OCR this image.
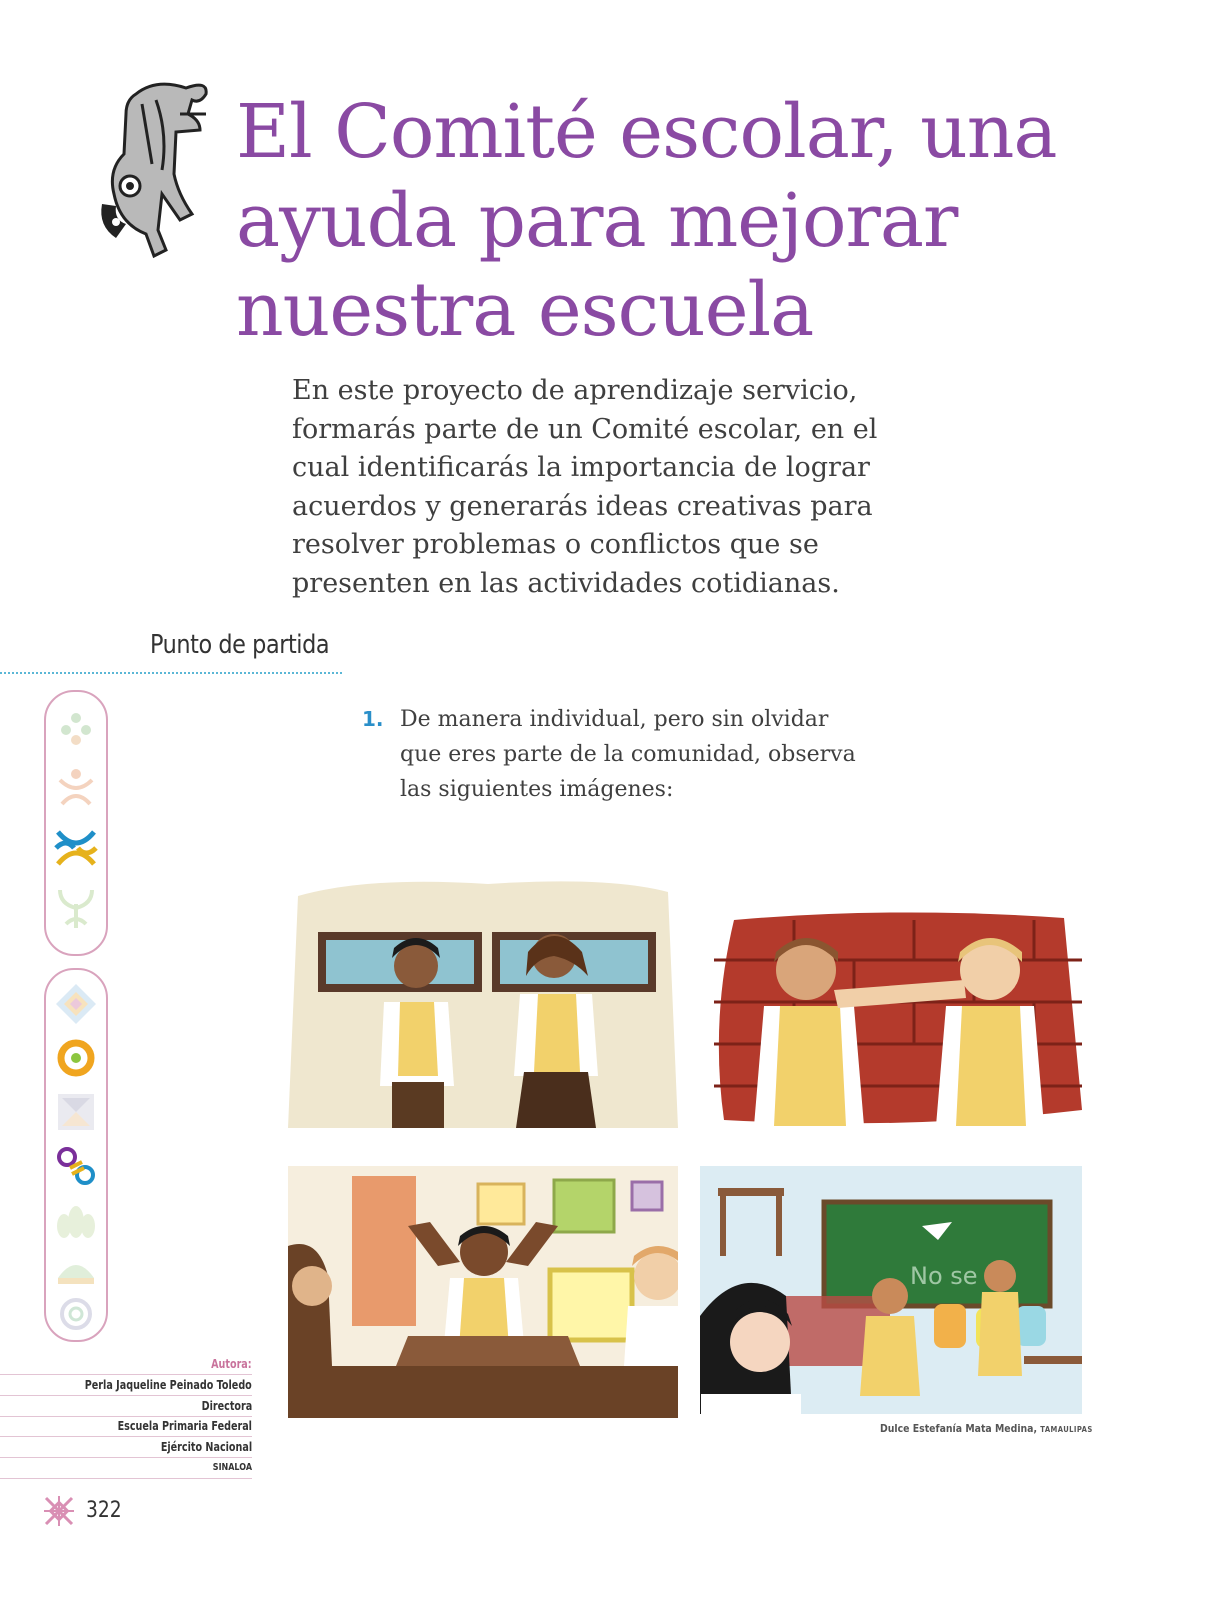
El Comité escolar, una
ayuda para mejorar
nuestra escuela
En este proyecto de aprendizaje servicio,
formarás parte de un Comité escolar, en el
cual identificarás la importancia de lograr
acuerdos y generarás ideas creativas para
resolver problemas o conflictos que se
presenten en las actividades cotidianas.
Punto de partida
1. De manera individual, pero sin olvidar
que eres parte de la comunidad, observa
las siguientes imágenes:
No se
Autora:
Perla Jaqueline Peinado Toledo
Directora
Escuela Primaria Federal
Ejército Nacional
SINALOA
Dulce Estefanía Mata Medina, TAMAULIPAS
322
